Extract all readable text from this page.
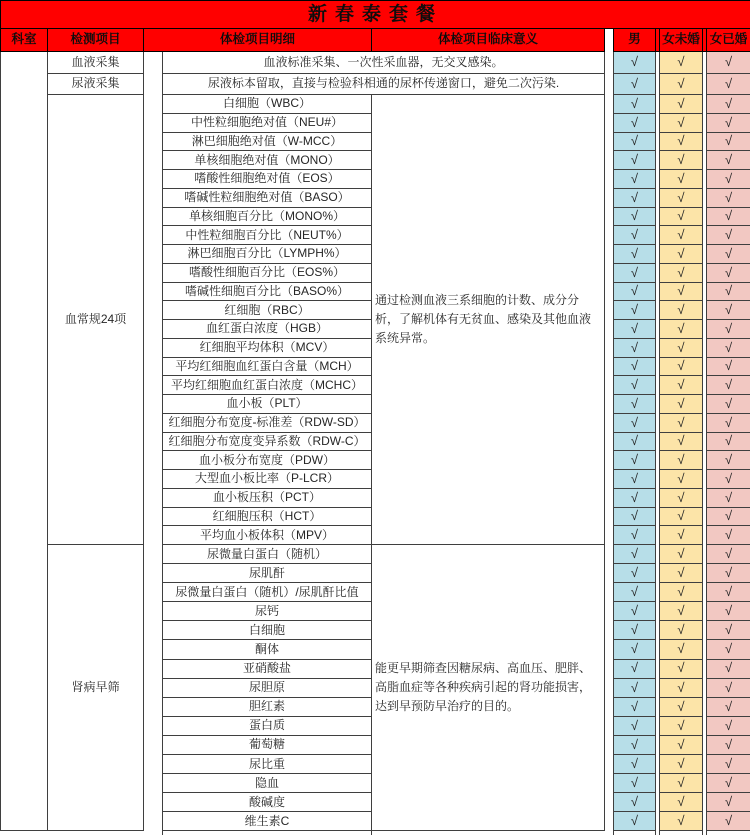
新春泰套餐										
科室	检测项目	体检项目明细		体检项目临床意义		男		女未婚		女已婚
	血液采集		血液标准采集、一次性采血器，无交叉感染。			√		√		√
	尿液采集		尿液标本留取，直接与检验科相通的尿杯传递窗口，避免二次污染.			√		√		√
	血常规24项		白细胞（WBC）	通过检测血液三系细胞的计数、成分分析，了解机体有无贫血、感染及其他血液系统异常。		√		√		√
			中性粒细胞绝对值（NEU#）			√		√		√
			淋巴细胞绝对值（W-MCC）			√		√		√
			单核细胞绝对值（MONO）			√		√		√
			嗜酸性细胞绝对值（EOS）			√		√		√
			嗜碱性粒细胞绝对值（BASO）			√		√		√
			单核细胞百分比（MONO%）			√		√		√
			中性粒细胞百分比（NEUT%）			√		√		√
			淋巴细胞百分比（LYMPH%）			√		√		√
			嗜酸性细胞百分比（EOS%）			√		√		√
			嗜碱性细胞百分比（BASO%）			√		√		√
			红细胞（RBC）			√		√		√
			血红蛋白浓度（HGB）			√		√		√
			红细胞平均体积（MCV）			√		√		√
			平均红细胞血红蛋白含量（MCH）			√		√		√
			平均红细胞血红蛋白浓度（MCHC）			√		√		√
			血小板（PLT）			√		√		√
			红细胞分布宽度-标准差（RDW-SD）			√		√		√
			红细胞分布宽度变异系数（RDW-C）			√		√		√
			血小板分布宽度（PDW）			√		√		√
			大型血小板比率（P-LCR）			√		√		√
			血小板压积（PCT）			√		√		√
			红细胞压积（HCT）			√		√		√
			平均血小板体积（MPV）			√		√		√
	肾病早筛		尿微量白蛋白（随机）	能更早期筛查因糖尿病、高血压、肥胖、高脂血症等各种疾病引起的肾功能损害，达到早预防早治疗的目的。		√		√		√
			尿肌酐			√		√		√
			尿微量白蛋白（随机）/尿肌酐比值			√		√		√
			尿钙			√		√		√
			白细胞			√		√		√
			酮体			√		√		√
			亚硝酸盐			√		√		√
			尿胆原			√		√		√
			胆红素			√		√		√
			蛋白质			√		√		√
			葡萄糖			√		√		√
			尿比重			√		√		√
			隐血			√		√		√
			酸碱度			√		√		√
			维生素C			√		√		√
